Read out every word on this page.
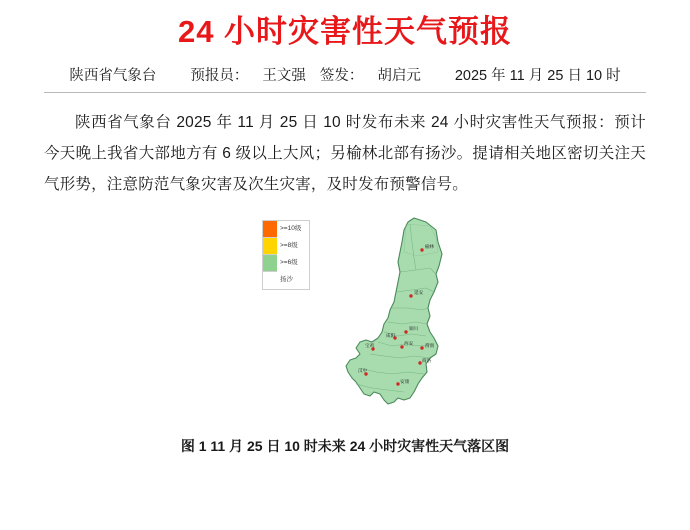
24 小时灾害性天气预报
陕西省气象台 预报员： 王文强 签发： 胡启元 2025 年 11 月 25 日 10 时
陕西省气象台 2025 年 11 月 25 日 10 时发布未来 24 小时灾害性天气预报：预计今天晚上我省大部地方有 6 级以上大风；另榆林北部有扬沙。提请相关地区密切关注天气形势，注意防范气象灾害及次生灾害，及时发布预警信号。
>=10级
>=8级
>=6级
扬沙
榆林
延安
铜川
渭南
西安
宝鸡
咸阳
商洛
安康
汉中
图 1 11 月 25 日 10 时未来 24 小时灾害性天气落区图
